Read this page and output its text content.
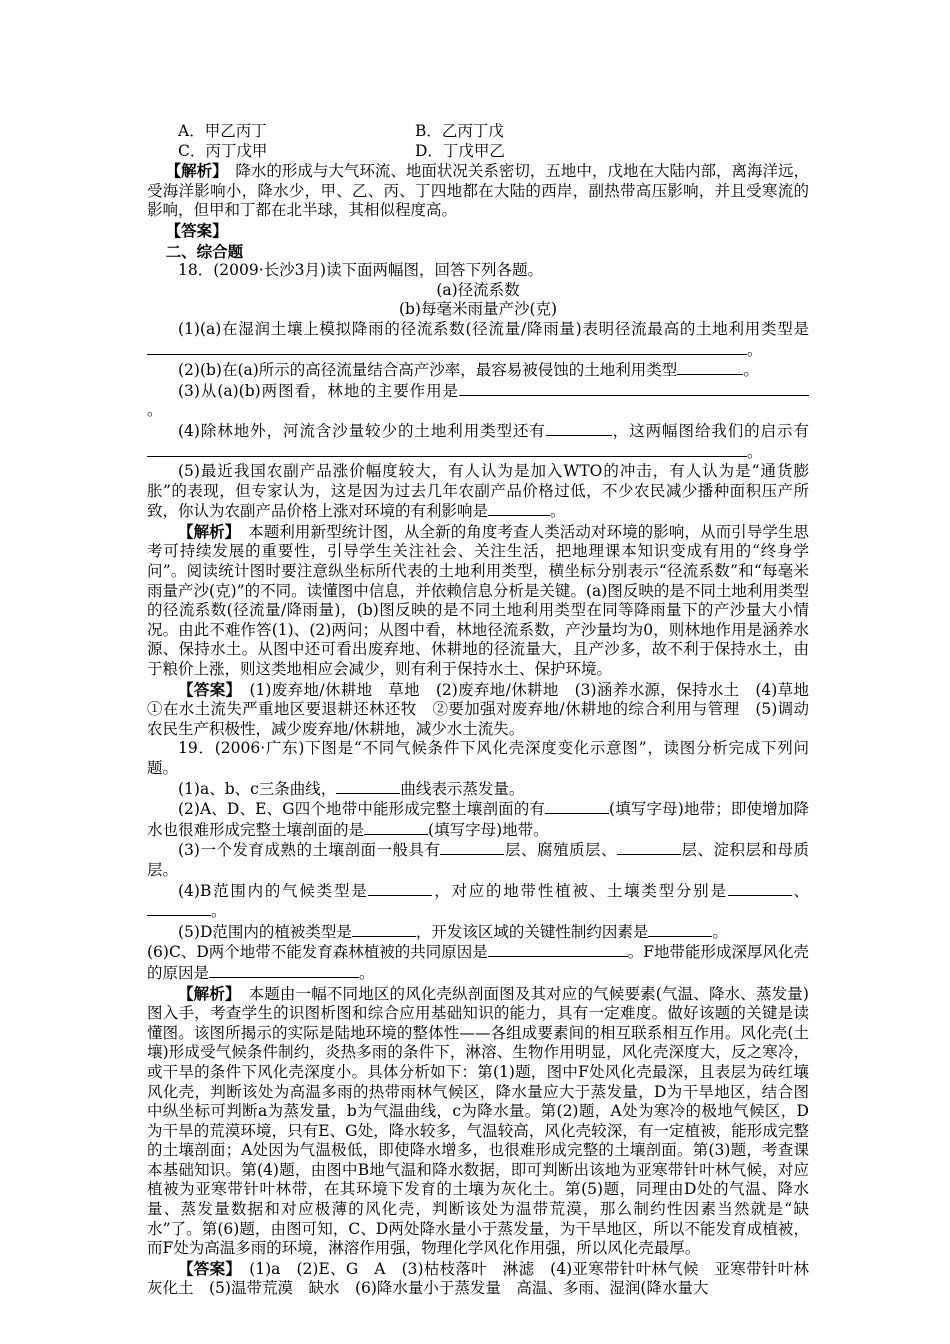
A．甲乙丙丁	B．乙丙丁戊
C．丙丁戊甲	D．丁戊甲乙

【解析】　 降水的形成与大气环流、地面状况关系密切，五地中，戊地在大陆内部，离海洋远，受海洋影响小，降水少，甲、乙、丙、丁四地都在大陆的西岸，副热带高压影响，并且受寒流的影响，但甲和丁都在北半球，其相似程度高。

【答案】

二、综合题

18．(2009·长沙3月)读下面两幅图，回答下列各题。

(a)径流系数

(b)每毫米雨量产沙(克)

(1)(a)在湿润土壤上模拟降雨的径流系数(径流量/降雨量)表明径流最高的土地利用类型是。

(2)(b)在(a)所示的高径流量结合高产沙率，最容易被侵蚀的土地利用类型	。

(3)从(a)(b)两图看，林地的主要作用是。

(4)除林地外，河流含沙量较少的土地利用类型还有	，这两幅图给我们的启示有。

(5)最近我国农副产品涨价幅度较大，有人认为是加入WTO的冲击，有人认为是“通货膨胀”的表现，但专家认为，这是因为过去几年农副产品价格过低，不少农民减少播种面积压产所致，你认为农副产品价格上涨对环境的有利影响是	。

【解析】　 本题利用新型统计图，从全新的角度考查人类活动对环境的影响，从而引导学生思考可持续发展的重要性，引导学生关注社会、关注生活，把地理课本知识变成有用的“终身学问”。阅读统计图时要注意纵坐标所代表的土地利用类型，横坐标分别表示“径流系数”和“每毫米雨量产沙(克)”的不同。读懂图中信息，并依赖信息分析是关键。(a)图反映的是不同土地利用类型的径流系数(径流量/降雨量)，(b)图反映的是不同土地利用类型在同等降雨量下的产沙量大小情况。由此不难作答(1)、(2)两问；从图中看，林地径流系数，产沙量均为0，则林地作用是涵养水源、保持水土。从图中还可看出废弃地、休耕地的径流量大，且产沙多，故不利于保持水土，由于粮价上涨，则这类地相应会减少，则有利于保持水土、保护环境。

【答案】　 (1)废弃地/休耕地　草地　(2)废弃地/休耕地　(3)涵养水源，保持水土　(4)草地　①在水土流失严重地区要退耕还林还牧　②要加强对废弃地/休耕地的综合利用与管理　(5)调动农民生产积极性，减少废弃地/休耕地，减少水土流失。

19．(2006·广东)下图是“不同气候条件下风化壳深度变化示意图”，读图分析完成下列问题。

(1)a、b、c三条曲线，	曲线表示蒸发量。

(2)A、D、E、G四个地带中能形成完整土壤剖面的有	(填写字母)地带；即使增加降水也很难形成完整土壤剖面的是	(填写字母)地带。

(3)一个发育成熟的土壤剖面一般具有	层、腐殖质层、	层、淀积层和母质层。

(4)B范围内的气候类型是	，对应的地带性植被、土壤类型分别是	、。

(5)D范围内的植被类型是	，开发该区域的关键性制约因素是	。

(6)C、D两个地带不能发育森林植被的共同原因是	。F地带能形成深厚风化壳的原因是	。

【解析】　 本题由一幅不同地区的风化壳纵剖面图及其对应的气候要素(气温、降水、蒸发量)图入手，考查学生的识图析图和综合应用基础知识的能力，具有一定难度。做好该题的关键是读懂图。该图所揭示的实际是陆地环境的整体性——各组成要素间的相互联系相互作用。风化壳(土壤)形成受气候条件制约，炎热多雨的条件下，淋溶、生物作用明显，风化壳深度大，反之寒冷，或干旱的条件下风化壳深度小。具体分析如下：第(1)题，图中F处风化壳最深，且表层为砖红壤风化壳，判断该处为高温多雨的热带雨林气候区，降水量应大于蒸发量，D为干旱地区，结合图中纵坐标可判断a为蒸发量，b为气温曲线，c为降水量。第(2)题，A处为寒冷的极地气候区，D为干旱的荒漠环境，只有E、G处，降水较多，气温较高，风化壳较深，有一定植被，能形成完整的土壤剖面；A处因为气温极低，即使降水增多，也很难形成完整的土壤剖面。第(3)题，考查课本基础知识。第(4)题，由图中B地气温和降水数据，即可判断出该地为亚寒带针叶林气候，对应植被为亚寒带针叶林带，在其环境下发育的土壤为灰化土。第(5)题，同理由D处的气温、降水量、蒸发量数据和对应极薄的风化壳，判断该处为温带荒漠，那么制约性因素当然就是“缺水”了。第(6)题，由图可知，C、D两处降水量小于蒸发量，为干旱地区，所以不能发育成植被，而F处为高温多雨的环境，淋溶作用强，物理化学风化作用强，所以风化壳最厚。

【答案】　 (1)a　(2)E、G　A　(3)枯枝落叶　淋滤　(4)亚寒带针叶林气候　亚寒带针叶林　灰化土　(5)温带荒漠　缺水　(6)降水量小于蒸发量　高温、多雨、湿润(降水量大
